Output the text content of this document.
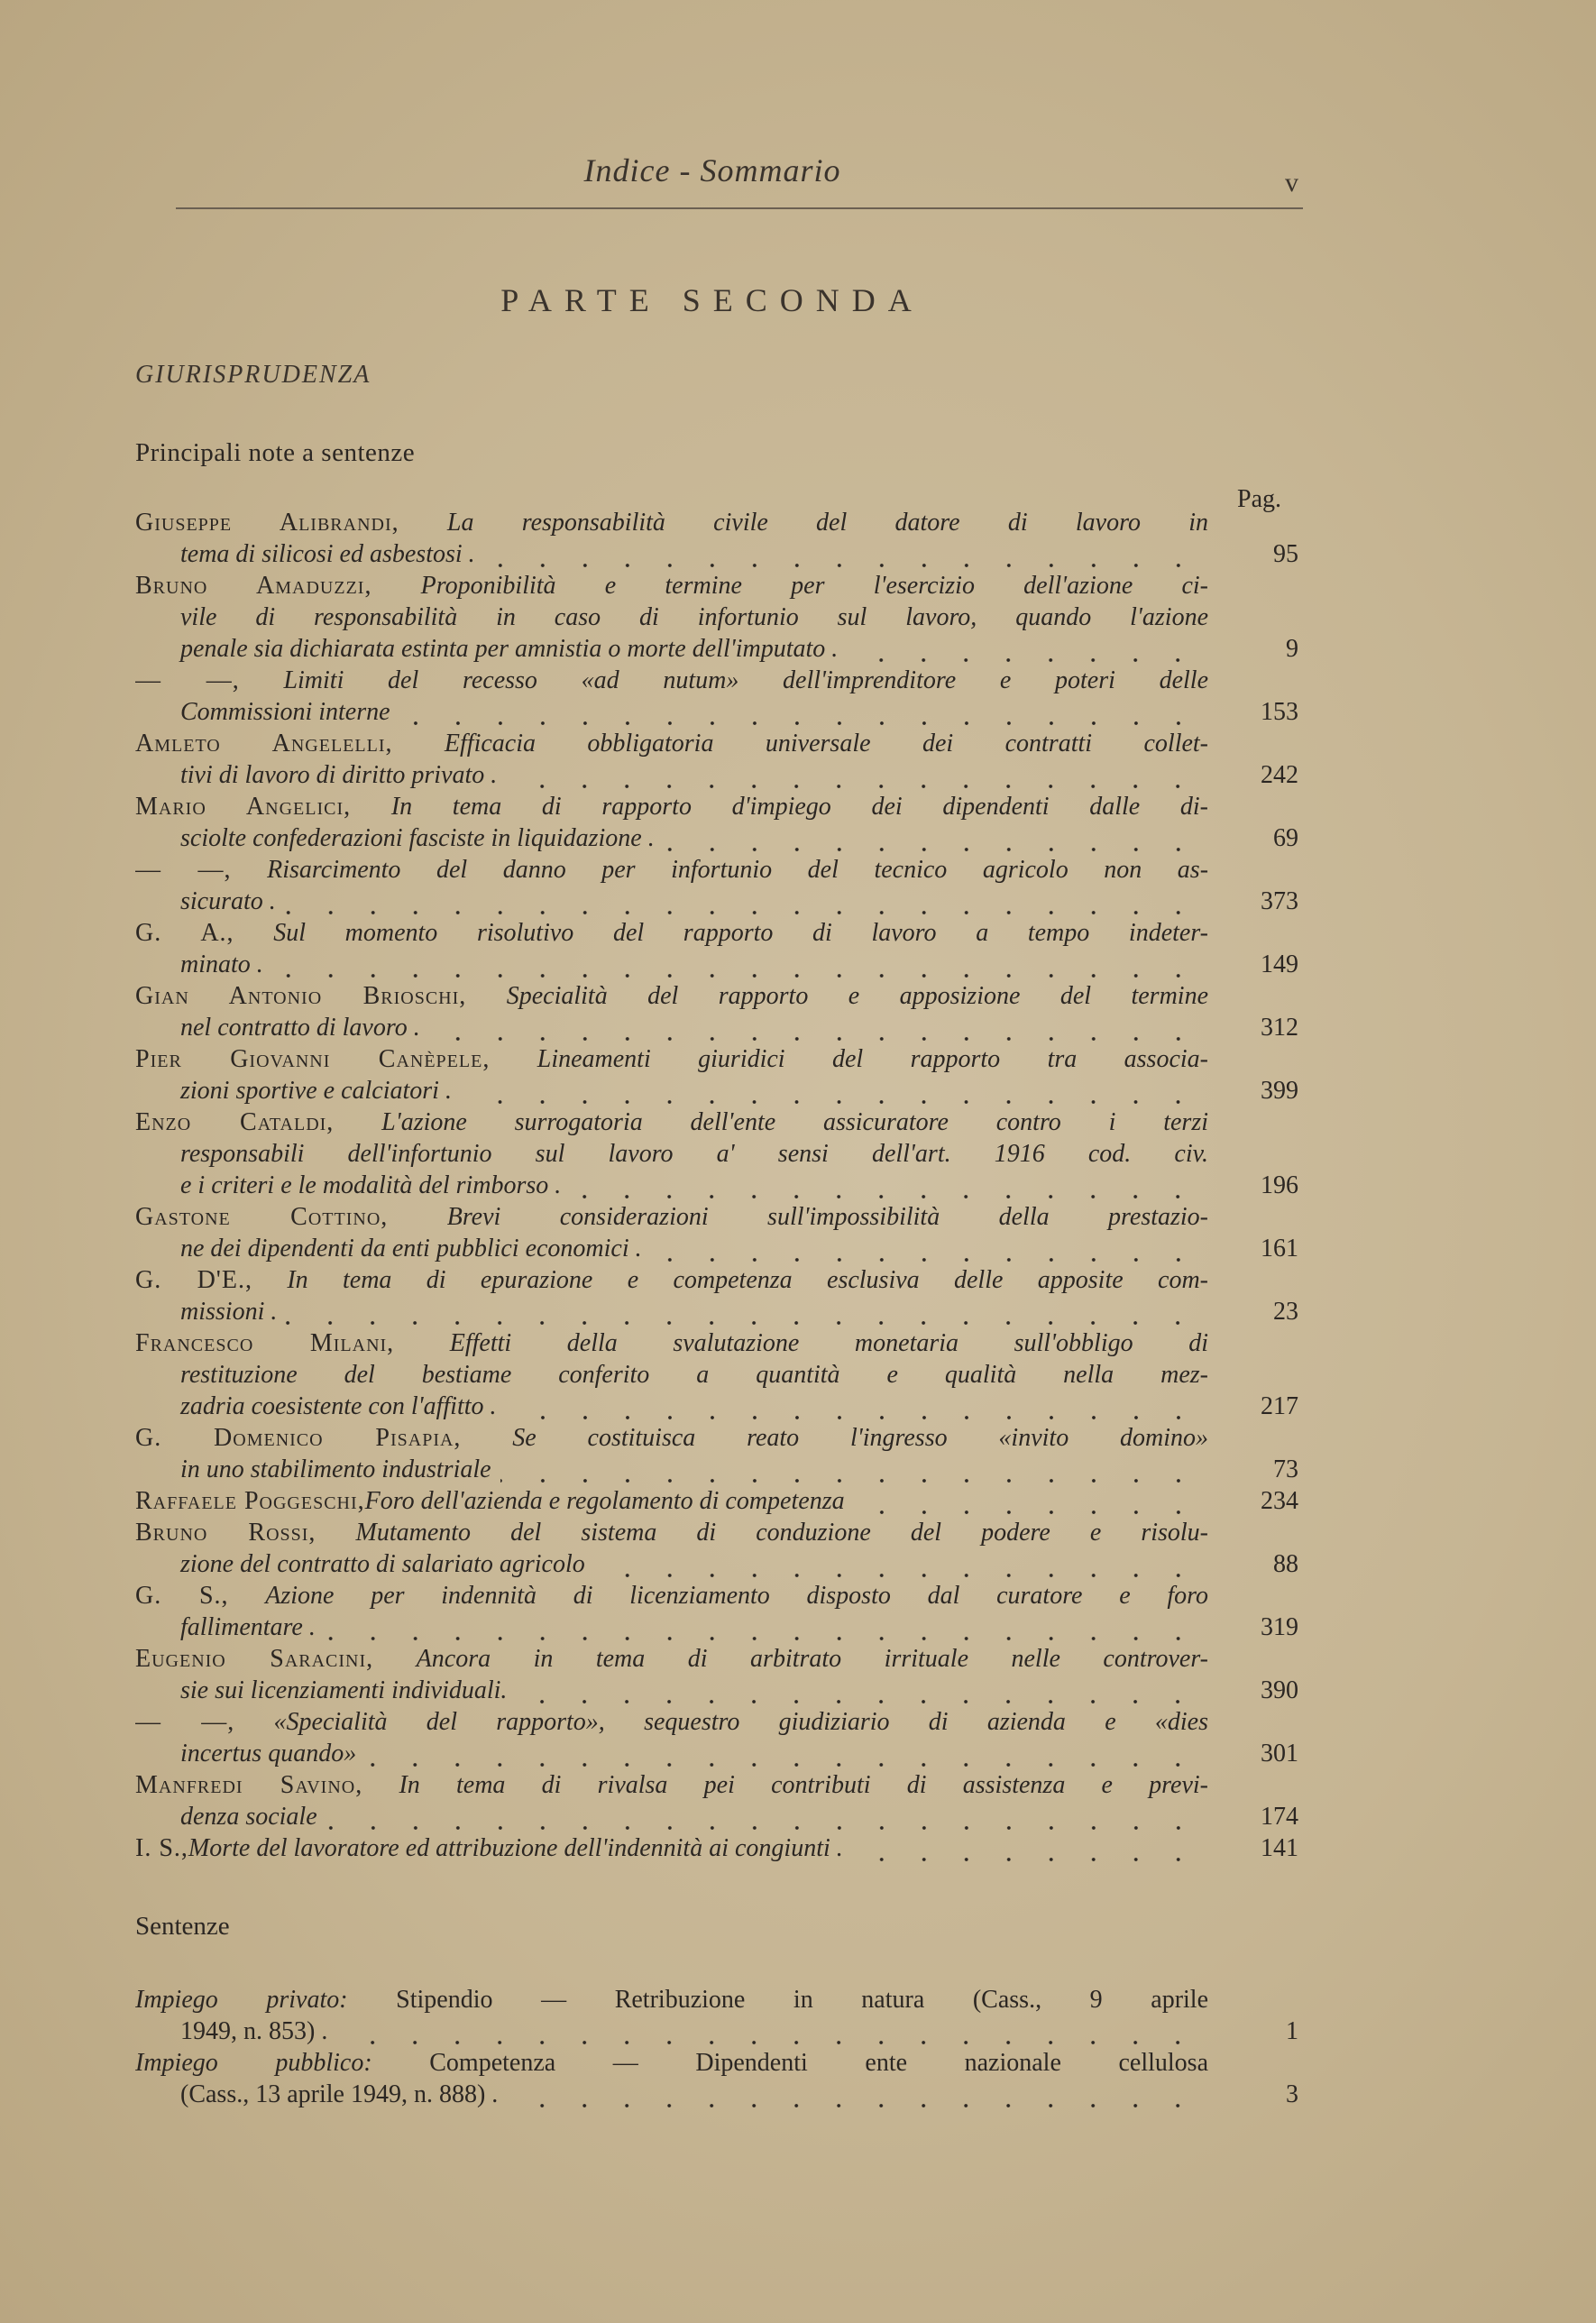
Indice - Sommario	v
PARTE SECONDA
GIURISPRUDENZA
Principali note a sentenze
Pag.
Giuseppe Alibrandi, La responsabilità civile del datore di lavoro in
tema di silicosi ed asbestosi .	95
Bruno Amaduzzi, Proponibilità e termine per l'esercizio dell'azione ci-
vile di responsabilità in caso di infortunio sul lavoro, quando l'azione
penale sia dichiarata estinta per amnistia o morte dell'imputato .	9
— —, Limiti del recesso «ad nutum» dell'imprenditore e poteri delle
Commissioni interne	153
Amleto Angelelli, Efficacia obbligatoria universale dei contratti collet-
tivi di lavoro di diritto privato .	242
Mario Angelici, In tema di rapporto d'impiego dei dipendenti dalle di-
sciolte confederazioni fasciste in liquidazione .	69
— —, Risarcimento del danno per infortunio del tecnico agricolo non as-
sicurato .	373
G. A., Sul momento risolutivo del rapporto di lavoro a tempo indeter-
minato .	149
Gian Antonio Brioschi, Specialità del rapporto e apposizione del termine
nel contratto di lavoro .	312
Pier Giovanni Canèpele, Lineamenti giuridici del rapporto tra associa-
zioni sportive e calciatori .	399
Enzo Cataldi, L'azione surrogatoria dell'ente assicuratore contro i terzi
responsabili dell'infortunio sul lavoro a' sensi dell'art. 1916 cod. civ.
e i criteri e le modalità del rimborso .	196
Gastone Cottino, Brevi considerazioni sull'impossibilità della prestazio-
ne dei dipendenti da enti pubblici economici .	161
G. D'E., In tema di epurazione e competenza esclusiva delle apposite com-
missioni .	23
Francesco Milani, Effetti della svalutazione monetaria sull'obbligo di
restituzione del bestiame conferito a quantità e qualità nella mez-
zadria coesistente con l'affitto .	217
G. Domenico Pisapia, Se costituisca reato l'ingresso «invito domino»
in uno stabilimento industriale	73
Raffaele Poggeschi, Foro dell'azienda e regolamento di competenza	234
Bruno Rossi, Mutamento del sistema di conduzione del podere e risolu-
zione del contratto di salariato agricolo	88
G. S., Azione per indennità di licenziamento disposto dal curatore e foro
fallimentare .	319
Eugenio Saracini, Ancora in tema di arbitrato irrituale nelle controver-
sie sui licenziamenti individuali.	390
— —, «Specialità del rapporto», sequestro giudiziario di azienda e «dies
incertus quando»	301
Manfredi Savino, In tema di rivalsa pei contributi di assistenza e previ-
denza sociale	174
I. S., Morte del lavoratore ed attribuzione dell'indennità ai congiunti .	141
Sentenze
Impiego privato: Stipendio — Retribuzione in natura (Cass., 9 aprile
1949, n. 853) .	1
Impiego pubblico: Competenza — Dipendenti ente nazionale cellulosa
(Cass., 13 aprile 1949, n. 888) .	3
